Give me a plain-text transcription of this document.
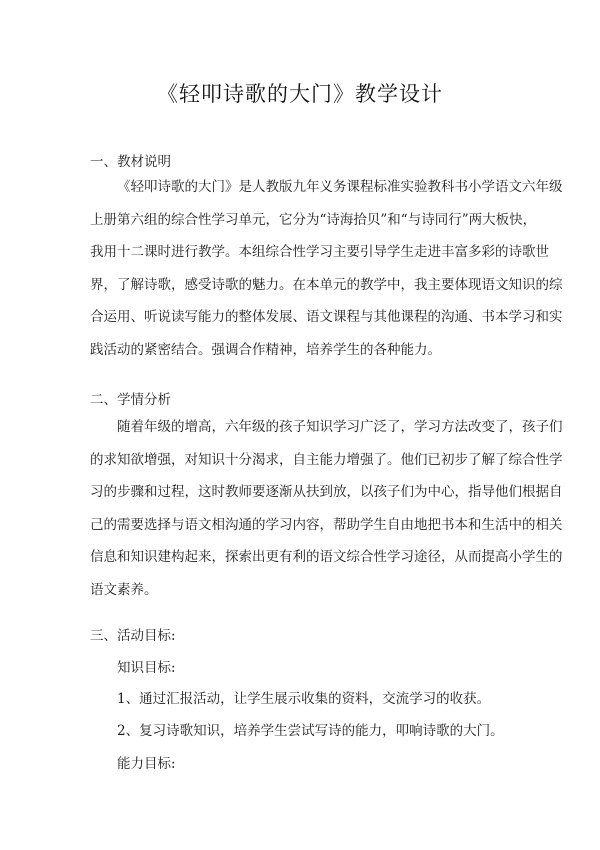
《轻叩诗歌的大门》教学设计
一、教材说明
《轻叩诗歌的大门》是人教版九年义务课程标准实验教科书小学语文六年级
上册第六组的综合性学习单元，它分为“诗海拾贝”和“与诗同行”两大板快，
我用十二课时进行教学。本组综合性学习主要引导学生走进丰富多彩的诗歌世
界，了解诗歌，感受诗歌的魅力。在本单元的教学中，我主要体现语文知识的综
合运用、听说读写能力的整体发展、语文课程与其他课程的沟通、书本学习和实
践活动的紧密结合。强调合作精神，培养学生的各种能力。
二、学情分析
随着年级的增高，六年级的孩子知识学习广泛了，学习方法改变了，孩子们
的求知欲增强，对知识十分渴求，自主能力增强了。他们已初步了解了综合性学
习的步骤和过程，这时教师要逐渐从扶到放，以孩子们为中心，指导他们根据自
己的需要选择与语文相沟通的学习内容，帮助学生自由地把书本和生活中的相关
信息和知识建构起来，探索出更有利的语文综合性学习途径，从而提高小学生的
语文素养。
三、活动目标:
知识目标:
1、通过汇报活动，让学生展示收集的资料，交流学习的收获。
2、复习诗歌知识，培养学生尝试写诗的能力，叩响诗歌的大门。
能力目标:
